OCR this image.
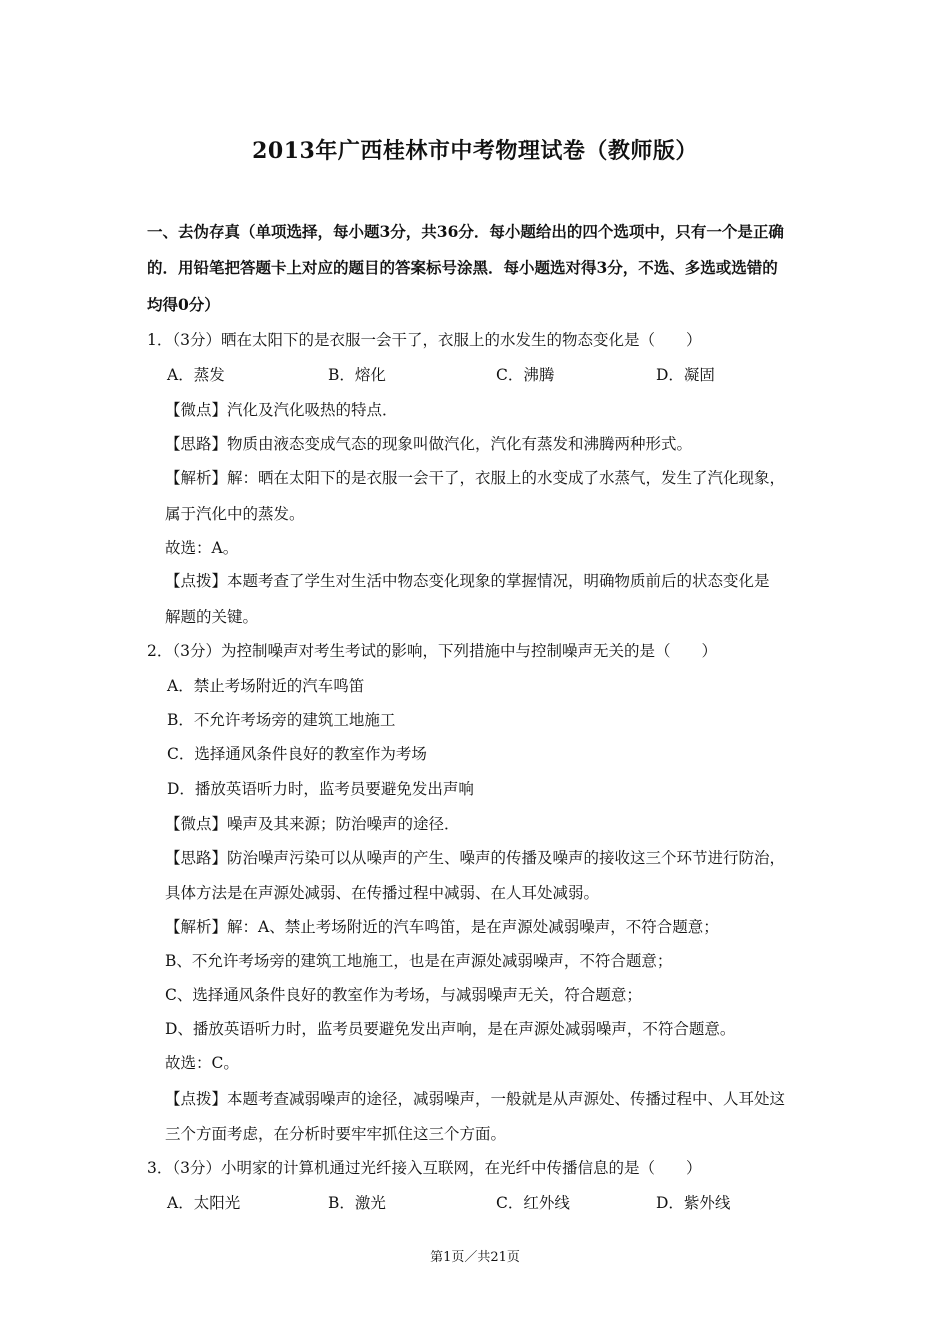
2013年广西桂林市中考物理试卷（教师版）
一、去伪存真（单项选择，每小题3分，共36分．每小题给出的四个选项中，只有一个是正确
的．用铅笔把答题卡上对应的题目的答案标号涂黑．每小题选对得3分，不选、多选或选错的
均得0分）
1．（3分）晒在太阳下的是衣服一会干了，衣服上的水发生的物态变化是（　　）
A．蒸发	B．熔化	C．沸腾	D．凝固
【微点】汽化及汽化吸热的特点．
【思路】物质由液态变成气态的现象叫做汽化，汽化有蒸发和沸腾两种形式。
【解析】解：晒在太阳下的是衣服一会干了，衣服上的水变成了水蒸气，发生了汽化现象，
属于汽化中的蒸发。
故选：A。
【点拨】本题考查了学生对生活中物态变化现象的掌握情况，明确物质前后的状态变化是
解题的关键。
2．（3分）为控制噪声对考生考试的影响，下列措施中与控制噪声无关的是（　　）
A．禁止考场附近的汽车鸣笛
B．不允许考场旁的建筑工地施工
C．选择通风条件良好的教室作为考场
D．播放英语听力时，监考员要避免发出声响
【微点】噪声及其来源；防治噪声的途径．
【思路】防治噪声污染可以从噪声的产生、噪声的传播及噪声的接收这三个环节进行防治，
具体方法是在声源处减弱、在传播过程中减弱、在人耳处减弱。
【解析】解：A、禁止考场附近的汽车鸣笛，是在声源处减弱噪声，不符合题意；
B、不允许考场旁的建筑工地施工，也是在声源处减弱噪声，不符合题意；
C、选择通风条件良好的教室作为考场，与减弱噪声无关，符合题意；
D、播放英语听力时，监考员要避免发出声响，是在声源处减弱噪声，不符合题意。
故选：C。
【点拨】本题考查减弱噪声的途径，减弱噪声，一般就是从声源处、传播过程中、人耳处这
三个方面考虑，在分析时要牢牢抓住这三个方面。
3．（3分）小明家的计算机通过光纤接入互联网，在光纤中传播信息的是（　　）
A．太阳光	B．激光	C．红外线	D．紫外线
第1页／共21页
